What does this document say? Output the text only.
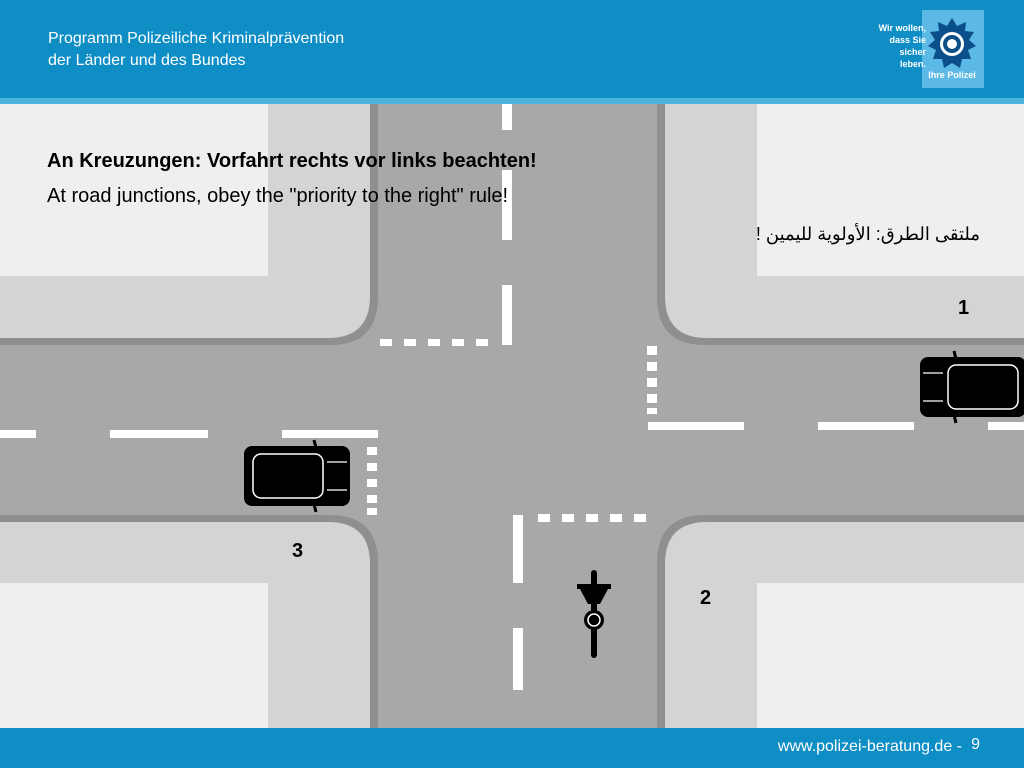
Programm Polizeiliche Kriminalprävention
der Länder und des Bundes
Wir wollen,
dass Sie
sicher leben.
Ihre Polizei
An Kreuzungen: Vorfahrt rechts vor links beachten!
At road junctions, obey the "priority to the right" rule!
ملتقى الطرق: الأولوية لليمين !
1
2
3
www.polizei-beratung.de - 9
